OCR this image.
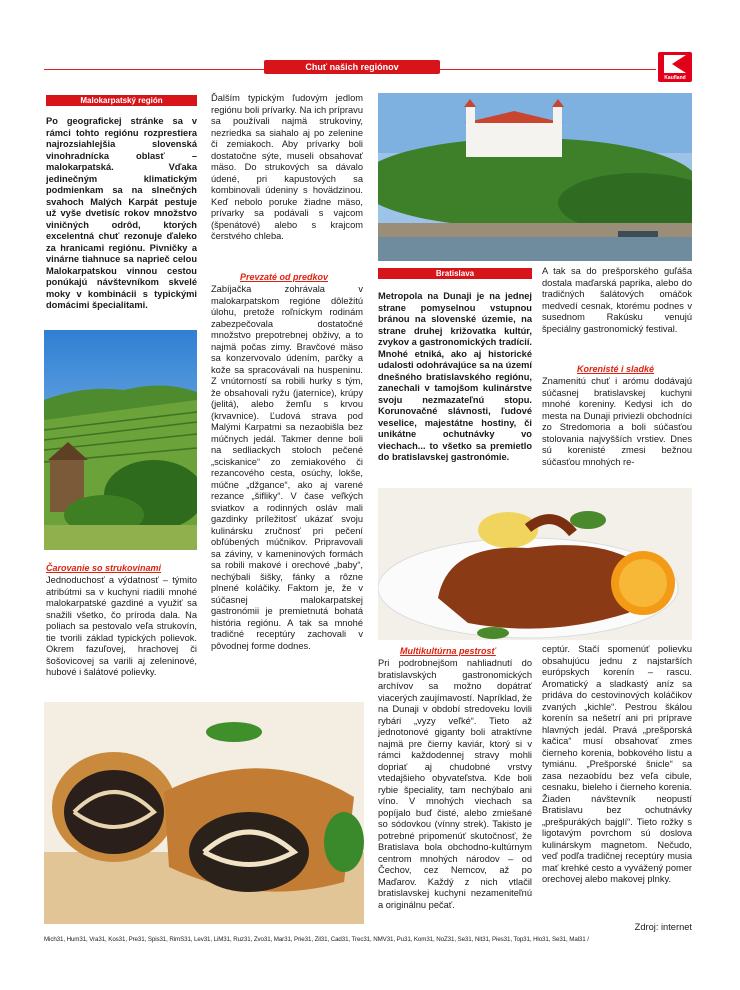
Chuť našich regiónov
Kaufland
Malokarpatský región

Po geografickej stránke sa v rámci tohto regiónu rozprestiera najrozsiahlejšia slovenská vinohradnícka oblasť – malokarpatská. Vďaka jedinečným klimatickým podmienkam sa na slnečných svahoch Malých Karpát pestuje už vyše dvetisíc rokov množstvo viničných odrôd, ktorých excelentná chuť rezonuje ďaleko za hranicami regiónu. Pivničky a vinárne tiahnuce sa naprieč celou Malokarpatskou vinnou cestou ponúkajú návštevníkom skvelé moky v kombinácii s typickými domácimi špecialitami.

Čarovanie so strukovinami

Jednoduchosť a výdatnosť – týmito atribútmi sa v kuchyni riadili mnohé malokarpatské gazdiné a využiť sa snažili všetko, čo príroda dala. Na poliach sa pestovalo veľa strukovín, tie tvorili základ typických polievok. Okrem fazuľovej, hrachovej či šošovicovej sa varili aj zeleninové, hubové i šalátové polievky.

Ďalším typickým ľudovým jedlom regiónu boli prívarky. Na ich prípravu sa používali najmä strukoviny, nezriedka sa siahalo aj po zelenine či zemiakoch. Aby prívarky boli dostatočne sýte, museli obsahovať mäso. Do strukových sa dávalo údené, pri kapustových sa kombinovali údeniny s hovädzinou. Keď nebolo poruke žiadne mäso, prívarky sa podávali s vajcom (špenátové) alebo s krajcom čerstvého chleba.

Prevzaté od predkov

Zabíjačka zohrávala v malokarpatskom regióne dôležitú úlohu, pretože roľníckym rodinám zabezpečovala dostatočné množstvo prepotrebnej obživy, a to najmä počas zimy. Bravčové mäso sa konzervovalo údením, parčky a kože sa spracovávali na huspeninu. Z vnútorností sa robili hurky s tým, že obsahovali ryžu (jaternice), krúpy (jelitá), alebo žemľu s krvou (krvavnice). Ľudová strava pod Malými Karpatmi sa nezaobišla bez múčnych jedál. Takmer denne boli na sedliackych stoloch pečené „sciskanice“ zo zemiakového či rezancového cesta, osúchy, lokše, múčne „džgance“, ako aj varené rezance „šifliky“. V čase veľkých sviatkov a rodinných osláv mali gazdinky príležitosť ukázať svoju kulinársku zručnosť pri pečení obľúbených múčnikov. Pripravovali sa záviny, v kameninových formách sa robili makové i orechové „baby“, nechýbali šišky, fánky a rôzne plnené koláčiky. Faktom je, že v súčasnej malokarpatskej gastronómii je premietnutá bohatá história regiónu. A tak sa mnohé tradičné receptúry zachovali v pôvodnej forme dodnes.

Bratislava

Metropola na Dunaji je na jednej strane pomyselnou vstupnou bránou na slovenské územie, na strane druhej križovatka kultúr, zvykov a gastronomických tradícií. Mnohé etniká, ako aj historické udalosti odohrávajúce sa na území dnešného bratislavského regiónu, zanechali v tamojšom kulinárstve svoju nezmazateľnú stopu. Korunovačné slávnosti, ľudové veselice, majestátne hostiny, či unikátne ochutnávky vo viechach... to všetko sa premietlo do bratislavskej gastronómie.

A tak sa do prešporského guľáša dostala maďarská paprika, alebo do tradičných šalátových omáčok medvedí cesnak, ktorému podnes v susednom Rakúsku venujú špeciálny gastronomický festival.

Korenisté i sladké

Znamenitú chuť i arómu dodávajú súčasnej bratislavskej kuchyni mnohé koreniny. Kedysi ich do mesta na Dunaji priviezli obchodníci zo Stredomoria a boli súčasťou stolovania najvyšších vrstiev. Dnes sú korenisté zmesi bežnou súčasťou mnohých re-

Multikultúrna pestrosť

Pri podrobnejšom nahliadnutí do bratislavských gastronomických archívov sa možno dopátrať viacerých zaujímavostí. Napríklad, že na Dunaji v období stredoveku lovili rybári „vyzy veľké“. Tieto až jednotonové giganty boli atraktívne najmä pre čierny kaviár, ktorý si v rámci každodennej stravy mohli dopriať aj chudobné vrstvy vtedajšieho obyvateľstva. Kde boli rybie špeciality, tam nechýbalo ani víno. V mnohých viechach sa popíjalo buď čisté, alebo zmiešané so sódovkou (vínny strek). Takisto je potrebné pripomenúť skutočnosť, že Bratislava bola obchodno-kultúrnym centrom mnohých národov – od Čechov, cez Nemcov, až po Maďarov. Každý z nich vtlačil bratislavskej kuchyni nezameniteľnú a originálnu pečať.

ceptúr. Stačí spomenúť polievku obsahujúcu jednu z najstarších európskych korenín – rascu. Aromatický a sladkastý aníz sa pridáva do cestovinových koláčikov zvaných „kichle“. Pestrou škálou korenín sa nešetrí ani pri príprave hlavných jedál. Pravá „prešporská kačica“ musí obsahovať zmes čierneho korenia, bobkového listu a tymiánu. „Prešporské šnicle“ sa zasa nezaobídu bez veľa cibule, cesnaku, bieleho i čierneho korenia. Žiaden návštevník neopustí Bratislavu bez ochutnávky „prešpurákých bajglí“. Tieto rožky s ligotavým povrchom sú doslova kulinárskym magnetom. Nečudo, veď podľa tradičnej receptúry musia mať krehké cesto a vyvážený pomer orechovej alebo makovej plnky.

Zdroj: internet
Mich31, Hum31, Vra31, Kos31, Pre31, Spis31, RimS31, Lev31, LiM31, Ruz31, Zvo31, Mar31, Prie31, Zil31, Cad31, Trec31, NMV31, Pu31, Kom31, NoZ31, Se31, Nit31, Pies31, Top31, Hlo31, Se31, Mal31 /
